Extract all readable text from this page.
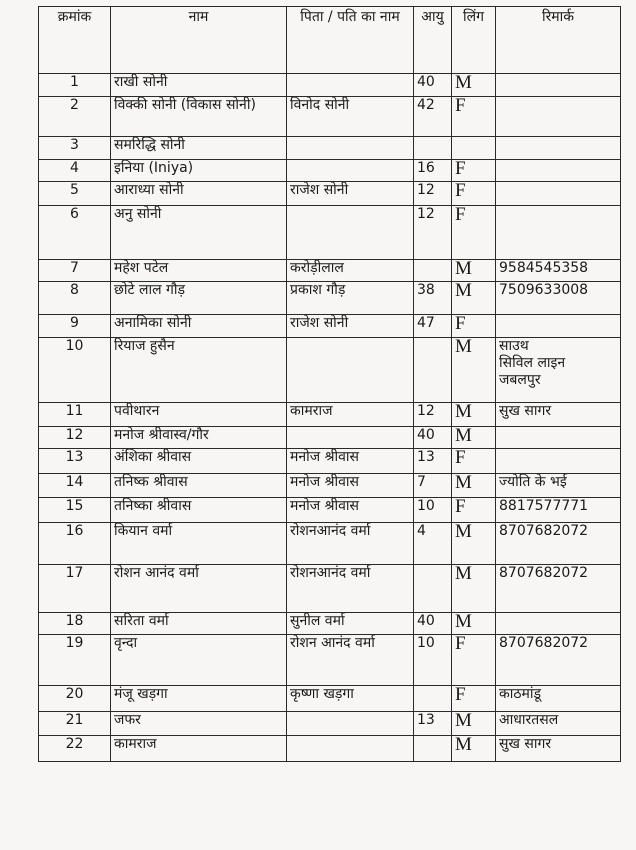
क्रमांक	नाम	पिता / पति का नाम	आयु	लिंग	रिमार्क
1	राखी सोनी		40	M	
2	विक्की सोनी (विकास सोनी)	विनोद सोनी	42	F	
3	समरिद्धि सोनी				
4	इनिया (Iniya)		16	F	
5	आराध्या सोनी	राजेश सोनी	12	F	
6	अनु सोनी		12	F	
7	महेश पटेल	करोड़ीलाल		M	9584545358
8	छोटे लाल गौड़	प्रकाश गौड़	38	M	7509633008
9	अनामिका सोनी	राजेश सोनी	47	F	
10	रियाज हुसैन			M	साउथ
सिविल लाइन
जबलपुर
11	पवीथारन	कामराज	12	M	सुख सागर
12	मनोज श्रीवास्व/गौर		40	M	
13	अंशिका श्रीवास	मनोज श्रीवास	13	F	
14	तनिष्क श्रीवास	मनोज श्रीवास	7	M	ज्योति के भई
15	तनिष्का श्रीवास	मनोज श्रीवास	10	F	8817577771
16	कियान वर्मा	रोशनआनंद वर्मा	4	M	8707682072
17	रोशन आनंद वर्मा	रोशनआनंद वर्मा		M	8707682072
18	सरिता वर्मा	सुनील वर्मा	40	M	
19	वृन्दा	रोशन आनंद वर्मा	10	F	8707682072
20	मंजू खड़गा	कृष्णा खड़गा		F	काठमांडू
21	जफर		13	M	आधारतसल
22	कामराज			M	सुख सागर
